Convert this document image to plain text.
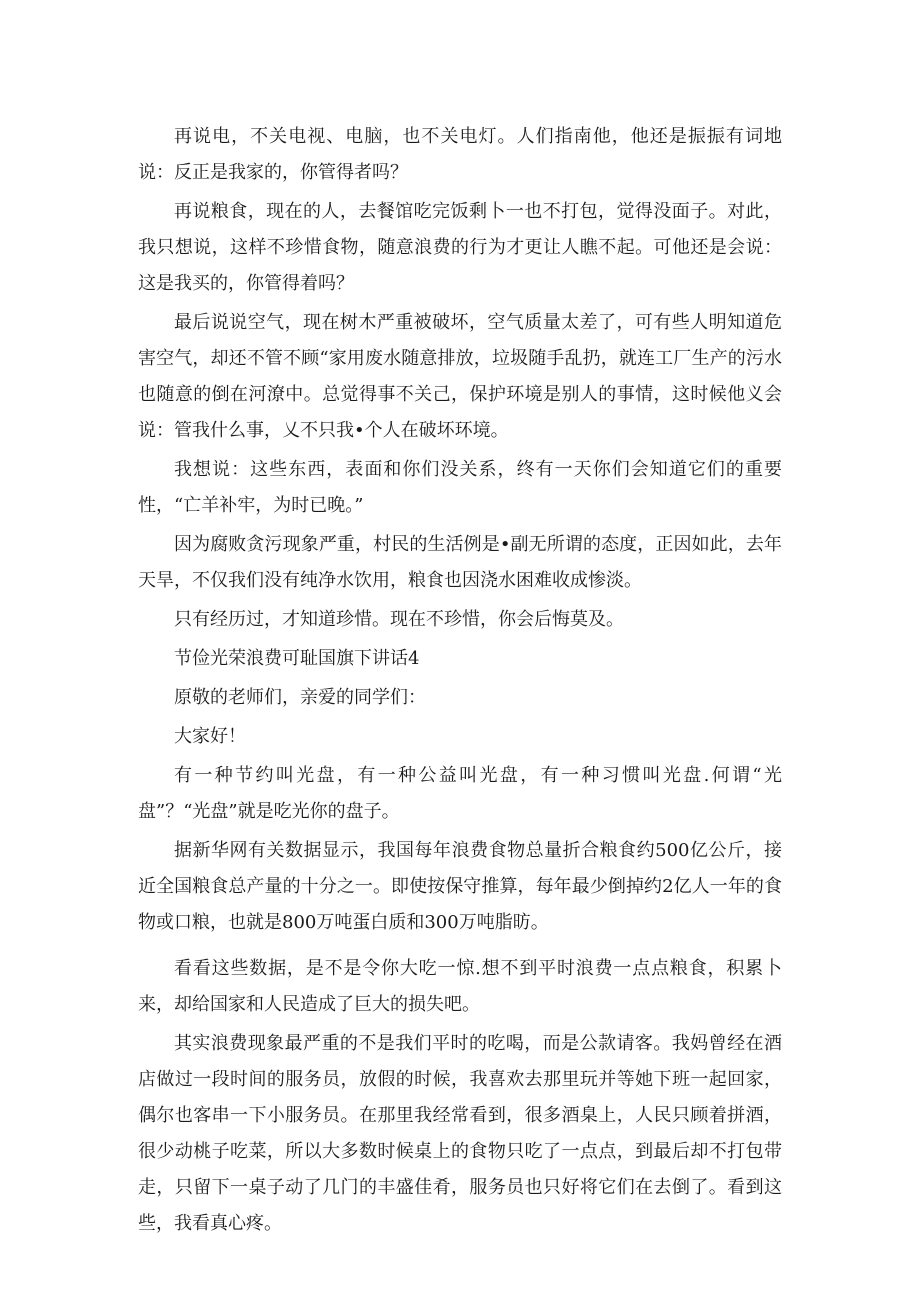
再说电，不关电视、电脑，也不关电灯。人们指南他，他还是振振有词地说：反正是我家的，你管得者吗？

再说粮食，现在的人，去餐馆吃完饭剩卜一也不打包，觉得没面子。对此，我只想说，这样不珍惜食物，随意浪费的行为才更让人瞧不起。可他还是会说：这是我买的，你管得着吗？

最后说说空气，现在树木严重被破坏，空气质量太差了，可有些人明知道危害空气，却还不管不顾“家用废水随意排放，垃圾随手乱扔，就连工厂生产的污水也随意的倒在河潦中。总觉得事不关己，保护环境是别人的事情，这时候他义会说：管我什么事，乂不只我•个人在破坏环境。

我想说：这些东西，表面和你们没关系，终有一天你们会知道它们的重要性，“亡羊补牢，为时已晚。”

因为腐败贪污现象严重，村民的生活例是•副无所谓的态度，正因如此，去年天旱，不仅我们没有纯净水饮用，粮食也因浇水困难收成惨淡。

只有经历过，才知道珍惜。现在不珍惜，你会后悔莫及。

节俭光荣浪费可耻国旗下讲话4

原敬的老师们，亲爱的同学们：

大家好！

有一种节约叫光盘，有一种公益叫光盘，有一种习惯叫光盘.何谓“光盘”？“光盘”就是吃光你的盘子。

据新华网有关数据显示，我国每年浪费食物总量折合粮食约500亿公斤，接近全国粮食总产量的十分之一。即使按保守推算，每年最少倒掉约2亿人一年的食物或口粮，也就是800万吨蛋白质和300万吨脂昉。

看看这些数据，是不是令你大吃一惊.想不到平时浪费一点点粮食，积累卜来，却给国家和人民造成了巨大的损失吧。

其实浪费现象最严重的不是我们平时的吃喝，而是公款请客。我妈曾经在酒店做过一段时间的服务员，放假的时候，我喜欢去那里玩并等她下班一起回家，偶尔也客串一下小服务员。在那里我经常看到，很多酒臬上，人民只顾着拼酒，很少动桃子吃菜，所以大多数时候桌上的食物只吃了一点点，到最后却不打包带走，只留下一桌子动了几门的丰盛佳肴，服务员也只好将它们在去倒了。看到这些，我看真心疼。
